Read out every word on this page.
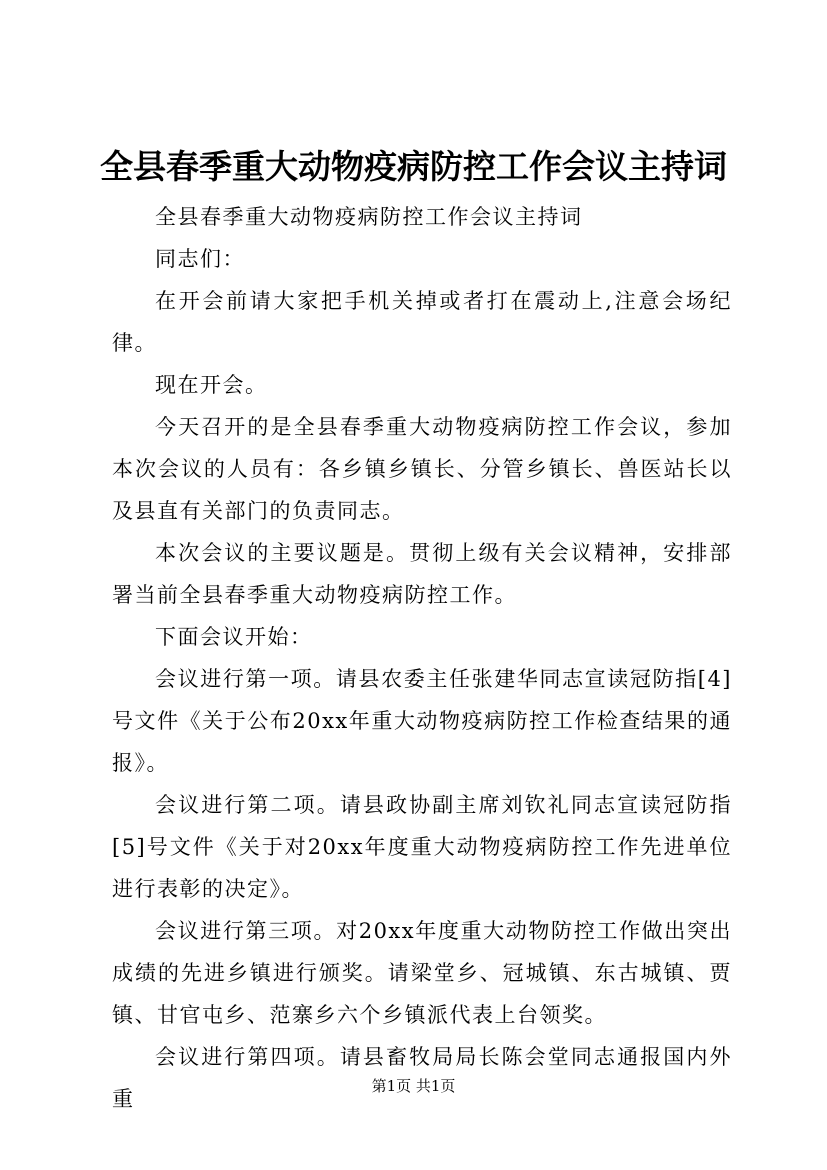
全县春季重大动物疫病防控工作会议主持词

全县春季重大动物疫病防控工作会议主持词

同志们：

在开会前请大家把手机关掉或者打在震动上,注意会场纪律。

现在开会。

今天召开的是全县春季重大动物疫病防控工作会议，参加本次会议的人员有：各乡镇乡镇长、分管乡镇长、兽医站长以及县直有关部门的负责同志。

本次会议的主要议题是。贯彻上级有关会议精神，安排部署当前全县春季重大动物疫病防控工作。

下面会议开始：

会议进行第一项。请县农委主任张建华同志宣读冠防指[4]号文件《关于公布20xx年重大动物疫病防控工作检查结果的通报》。

会议进行第二项。请县政协副主席刘钦礼同志宣读冠防指[5]号文件《关于对20xx年度重大动物疫病防控工作先进单位进行表彰的决定》。

会议进行第三项。对20xx年度重大动物防控工作做出突出成绩的先进乡镇进行颁奖。请梁堂乡、冠城镇、东古城镇、贾镇、甘官屯乡、范寨乡六个乡镇派代表上台领奖。

会议进行第四项。请县畜牧局局长陈会堂同志通报国内外重

第1页 共1页
